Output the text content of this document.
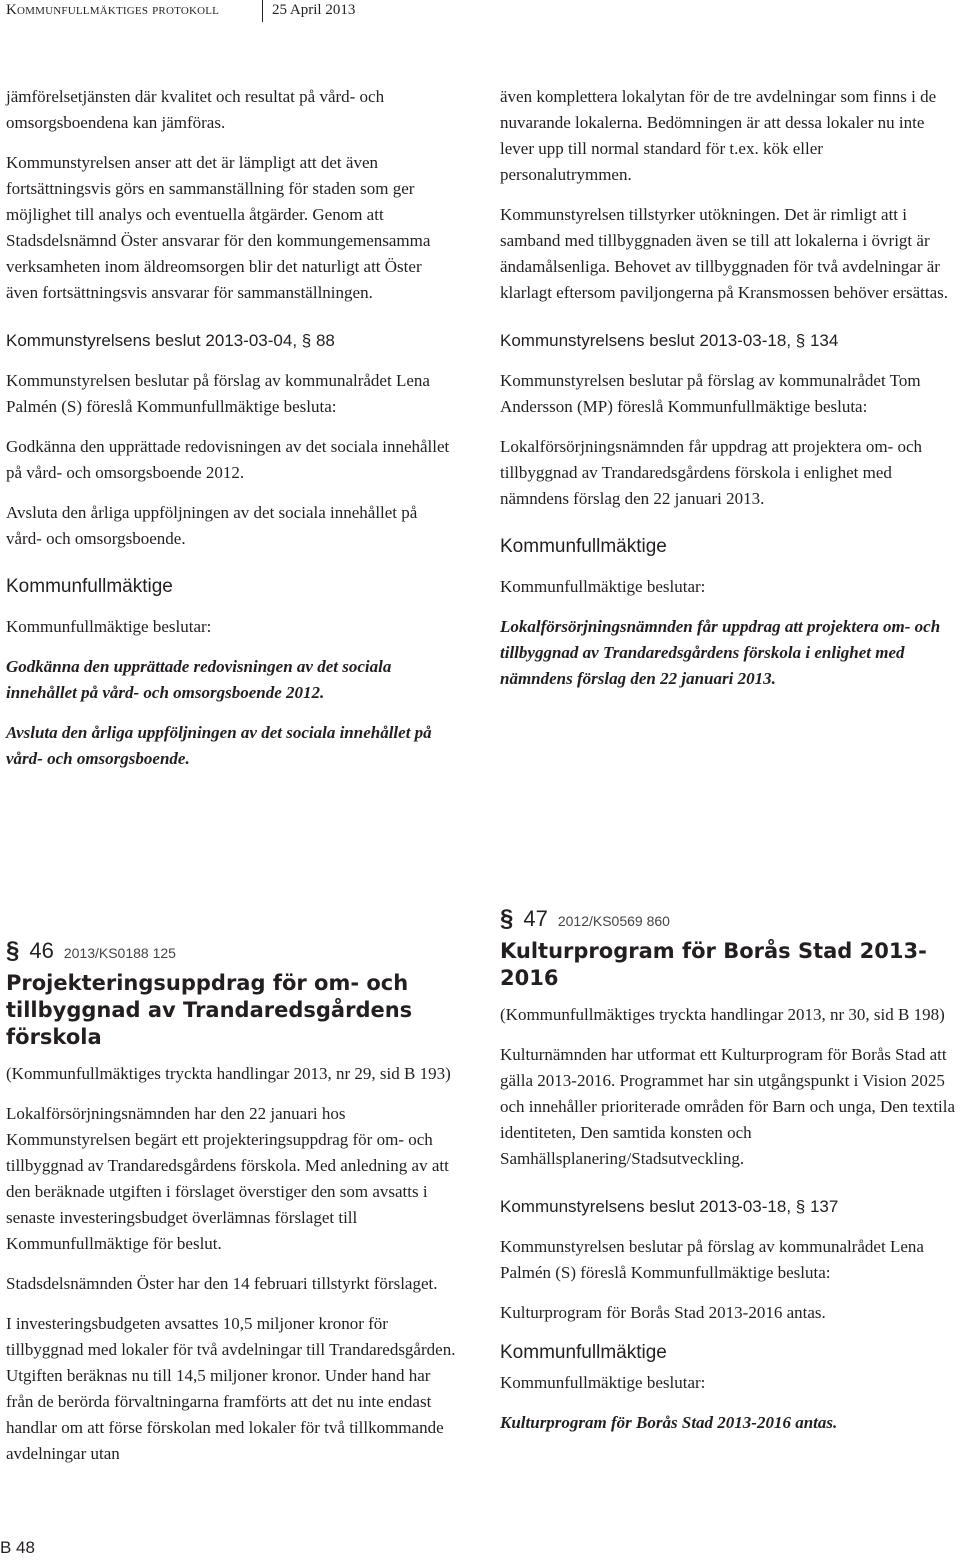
Kommunfullmäktiges protokoll	25 April 2013

jämförelsetjänsten där kvalitet och resultat på vård- och omsorgsboendena kan jämföras.

Kommunstyrelsen anser att det är lämpligt att det även fortsättningsvis görs en sammanställning för staden som ger möjlighet till analys och eventuella åtgärder. Genom att Stadsdelsnämnd Öster ansvarar för den kommungemensamma verksamheten inom äldreomsorgen blir det naturligt att Öster även fortsättningsvis ansvarar för sammanställningen.

Kommunstyrelsens beslut 2013-03-04, § 88

Kommunstyrelsen beslutar på förslag av kommunalrådet Lena Palmén (S) föreslå Kommunfullmäktige besluta:

Godkänna den upprättade redovisningen av det sociala innehållet på vård- och omsorgsboende 2012.

Avsluta den årliga uppföljningen av det sociala innehållet på vård- och omsorgsboende.

Kommunfullmäktige

Kommunfullmäktige beslutar:

Godkänna den upprättade redovisningen av det sociala innehållet på vård- och omsorgsboende 2012.

Avsluta den årliga uppföljningen av det sociala innehållet på vård- och omsorgsboende.

även komplettera lokalytan för de tre avdelningar som finns i de nuvarande lokalerna. Bedömningen är att dessa lokaler nu inte lever upp till normal standard för t.ex. kök eller personalutrymmen.

Kommunstyrelsen tillstyrker utökningen. Det är rimligt att i samband med tillbyggnaden även se till att lokalerna i övrigt är ändamålsenliga. Behovet av tillbyggnaden för två avdelningar är klarlagt eftersom paviljongerna på Kransmossen behöver ersättas.

Kommunstyrelsens beslut 2013-03-18, § 134

Kommunstyrelsen beslutar på förslag av kommunalrådet Tom Andersson (MP) föreslå Kommunfullmäktige besluta:

Lokalförsörjningsnämnden får uppdrag att projektera om- och tillbyggnad av Trandaredsgårdens förskola i enlighet med nämndens förslag den 22 januari 2013.

Kommunfullmäktige

Kommunfullmäktige beslutar:

Lokalförsörjningsnämnden får uppdrag att projektera om- och tillbyggnad av Trandaredsgårdens förskola i enlighet med nämndens förslag den 22 januari 2013.

§ 46 2013/KS0188 125
Projekteringsuppdrag för om- och tillbyggnad av Trandaredsgårdens förskola

(Kommunfullmäktiges tryckta handlingar 2013, nr 29, sid B 193)

Lokalförsörjningsnämnden har den 22 januari hos Kommunstyrelsen begärt ett projekteringsuppdrag för om- och tillbyggnad av Trandaredsgårdens förskola. Med anledning av att den beräknade utgiften i förslaget överstiger den som avsatts i senaste investeringsbudget överlämnas förslaget till Kommunfullmäktige för beslut.

Stadsdelsnämnden Öster har den 14 februari tillstyrkt förslaget.

I investeringsbudgeten avsattes 10,5 miljoner kronor för tillbyggnad med lokaler för två avdelningar till Trandaredsgården. Utgiften beräknas nu till 14,5 miljoner kronor. Under hand har från de berörda förvaltningarna framförts att det nu inte endast handlar om att förse förskolan med lokaler för två tillkommande avdelningar utan

§ 47 2012/KS0569 860
Kulturprogram för Borås Stad 2013-2016

(Kommunfullmäktiges tryckta handlingar 2013, nr 30, sid B 198)

Kulturnämnden har utformat ett Kulturprogram för Borås Stad att gälla 2013-2016. Programmet har sin utgångspunkt i Vision 2025 och innehåller prioriterade områden för Barn och unga, Den textila identiteten, Den samtida konsten och Samhällsplanering/Stadsutveckling.

Kommunstyrelsens beslut 2013-03-18, § 137

Kommunstyrelsen beslutar på förslag av kommunalrådet Lena Palmén (S) föreslå Kommunfullmäktige besluta:

Kulturprogram för Borås Stad 2013-2016 antas.

Kommunfullmäktige

Kommunfullmäktige beslutar:

Kulturprogram för Borås Stad 2013-2016 antas.

B 48
